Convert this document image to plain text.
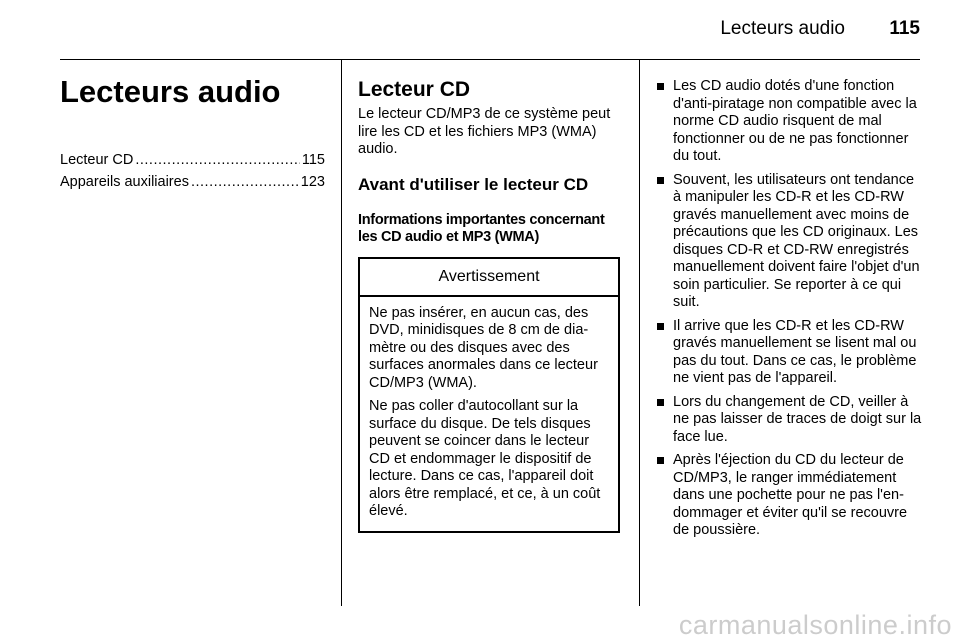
Lecteurs audio	115
Lecteurs audio
Lecteur CD .....	115
Appareils auxiliaires .....	123
Lecteur CD

Le lecteur CD/MP3 de ce système peut lire les CD et les fichiers MP3 (WMA) audio.

Avant d'utiliser le lecteur CD
Informations importantes concernant les CD audio et MP3 (WMA)
Avertissement

Ne pas insérer, en aucun cas, des DVD, minidisques de 8 cm de diamètre ou des disques avec des surfaces anormales dans ce lecteur CD/MP3 (WMA).

Ne pas coller d'autocollant sur la surface du disque. De tels disques peuvent se coincer dans le lecteur CD et endommager le dispositif de lecture. Dans ce cas, l'appareil doit alors être remplacé, et ce, à un coût élevé.

Les CD audio dotés d'une fonction d'anti-piratage non compatible avec la norme CD audio risquent de mal fonctionner ou de ne pas fonctionner du tout.
Souvent, les utilisateurs ont tendance à manipuler les CD-R et les CD-RW gravés manuellement avec moins de précautions que les CD originaux. Les disques CD-R et CD-RW enregistrés manuellement doivent faire l'objet d'un soin particulier. Se reporter à ce qui suit.
Il arrive que les CD-R et les CD-RW gravés manuellement se lisent mal ou pas du tout. Dans ce cas, le problème ne vient pas de l'appareil.
Lors du changement de CD, veiller à ne pas laisser de traces de doigt sur la face lue.
Après l'éjection du CD du lecteur de CD/MP3, le ranger immédiatement dans une pochette pour ne pas l'endommager et éviter qu'il se recouvre de poussière.
carmanualsonline.info
